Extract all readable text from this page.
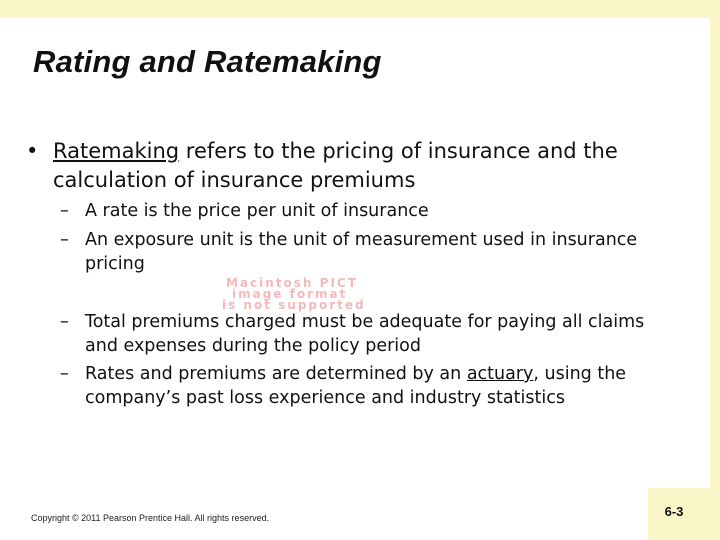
Rating and Ratemaking
• Ratemaking refers to the pricing of insurance and the calculation of insurance premiums
– A rate is the price per unit of insurance
– An exposure unit is the unit of measurement used in insurance pricing
Macintosh PICT
image format
is not supported
– Total premiums charged must be adequate for paying all claims and expenses during the policy period
– Rates and premiums are determined by an actuary, using the company’s past loss experience and industry statistics
Copyright © 2011 Pearson Prentice Hall. All rights reserved.	6-3
